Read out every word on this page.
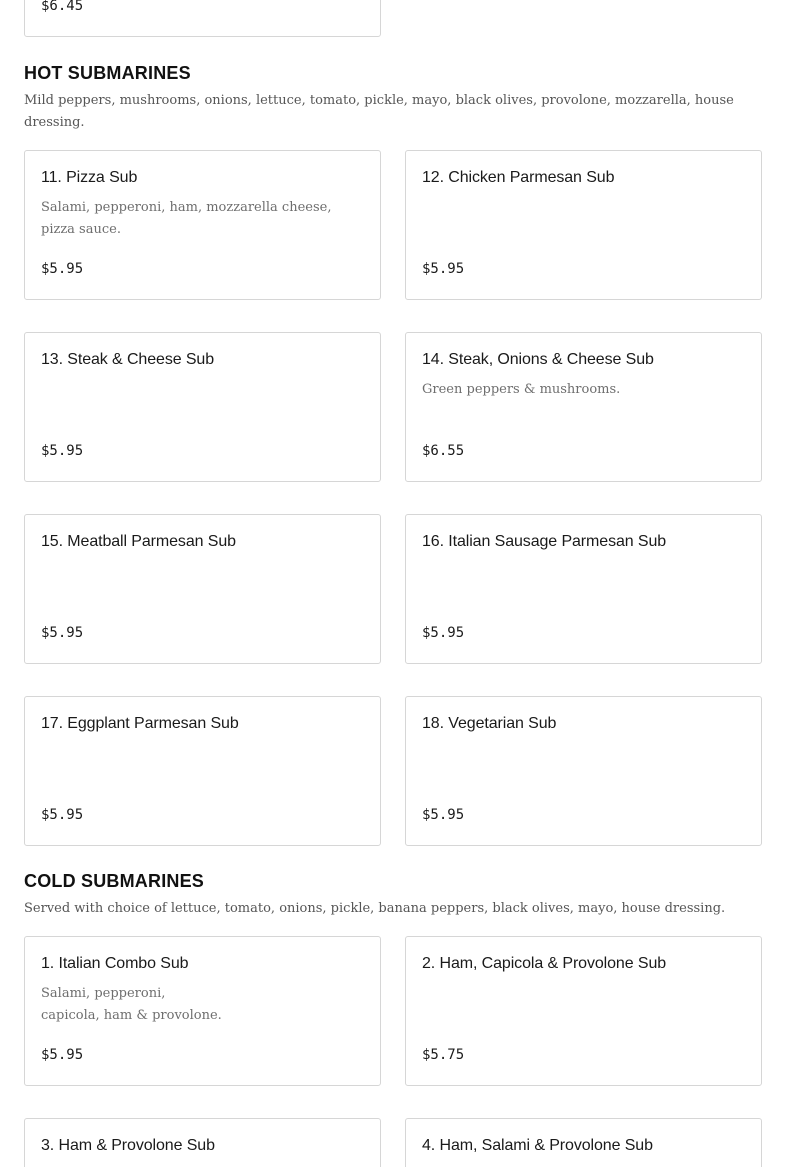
$6.45
HOT SUBMARINES
Mild peppers, mushrooms, onions, lettuce, tomato, pickle, mayo, black olives, provolone, mozzarella, house dressing.
11. Pizza Sub
Salami, pepperoni, ham, mozzarella cheese, pizza sauce.
$5.95
12. Chicken Parmesan Sub
$5.95
13. Steak & Cheese Sub
$5.95
14. Steak, Onions & Cheese Sub
Green peppers & mushrooms.
$6.55
15. Meatball Parmesan Sub
$5.95
16. Italian Sausage Parmesan Sub
$5.95
17. Eggplant Parmesan Sub
$5.95
18. Vegetarian Sub
$5.95
COLD SUBMARINES
Served with choice of lettuce, tomato, onions, pickle, banana peppers, black olives, mayo, house dressing.
1. Italian Combo Sub
Salami, pepperoni,
capicola, ham & provolone.
$5.95
2. Ham, Capicola & Provolone Sub
$5.75
3. Ham & Provolone Sub	4. Ham, Salami & Provolone Sub
